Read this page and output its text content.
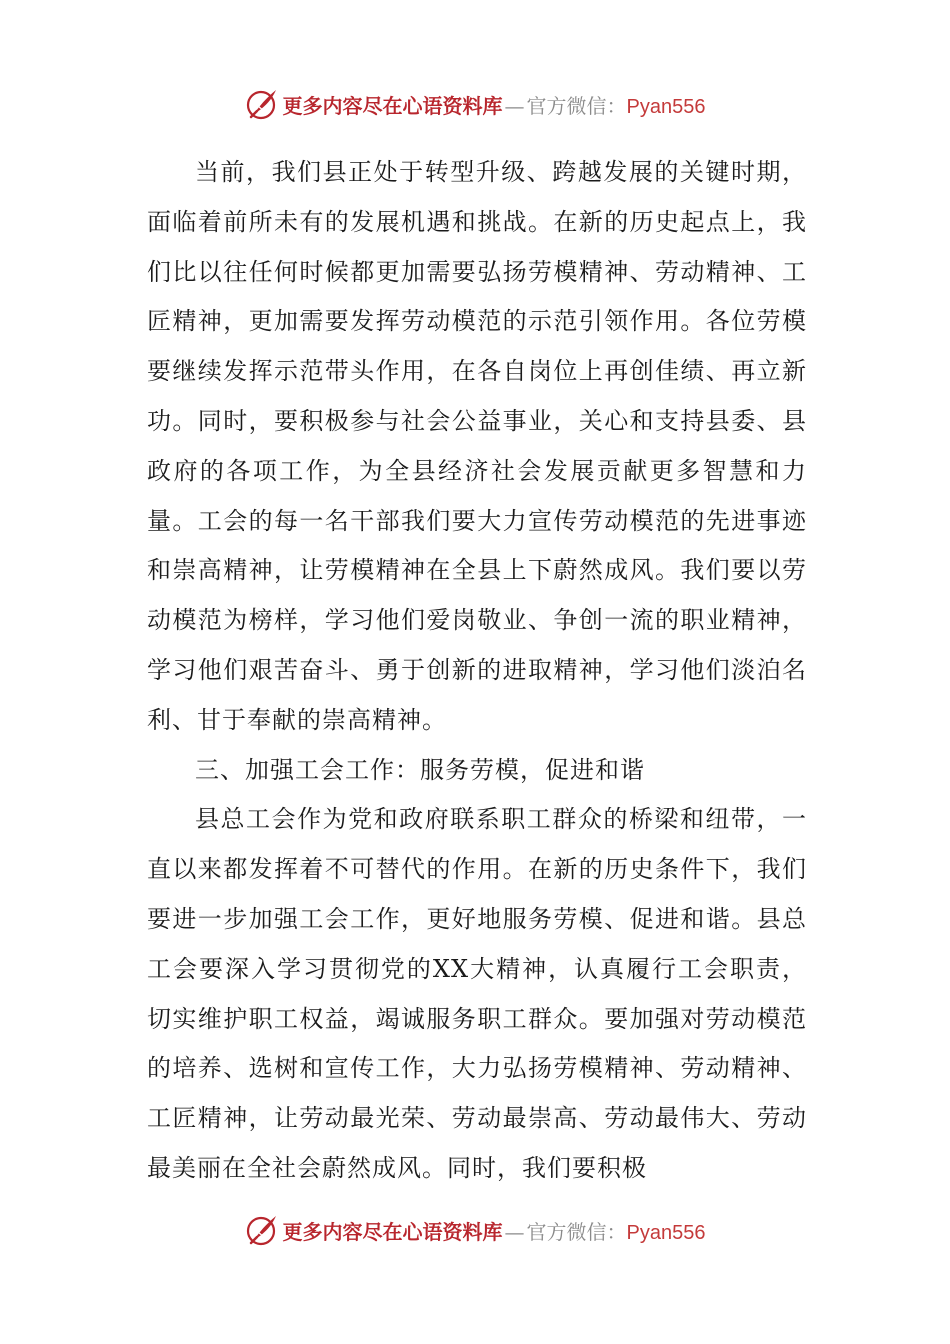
更多内容尽在心语资料库 — 官方微信：Pyan556

当前，我们县正处于转型升级、跨越发展的关键时期，面临着前所未有的发展机遇和挑战。在新的历史起点上，我们比以往任何时候都更加需要弘扬劳模精神、劳动精神、工匠精神，更加需要发挥劳动模范的示范引领作用。各位劳模要继续发挥示范带头作用，在各自岗位上再创佳绩、再立新功。同时，要积极参与社会公益事业，关心和支持县委、县政府的各项工作，为全县经济社会发展贡献更多智慧和力量。工会的每一名干部我们要大力宣传劳动模范的先进事迹和崇高精神，让劳模精神在全县上下蔚然成风。我们要以劳动模范为榜样，学习他们爱岗敬业、争创一流的职业精神，学习他们艰苦奋斗、勇于创新的进取精神，学习他们淡泊名利、甘于奉献的崇高精神。

三、加强工会工作：服务劳模，促进和谐

县总工会作为党和政府联系职工群众的桥梁和纽带，一直以来都发挥着不可替代的作用。在新的历史条件下，我们要进一步加强工会工作，更好地服务劳模、促进和谐。县总工会要深入学习贯彻党的XX大精神，认真履行工会职责，切实维护职工权益，竭诚服务职工群众。要加强对劳动模范的培养、选树和宣传工作，大力弘扬劳模精神、劳动精神、工匠精神，让劳动最光荣、劳动最崇高、劳动最伟大、劳动最美丽在全社会蔚然成风。同时，我们要积极

更多内容尽在心语资料库 — 官方微信：Pyan556
